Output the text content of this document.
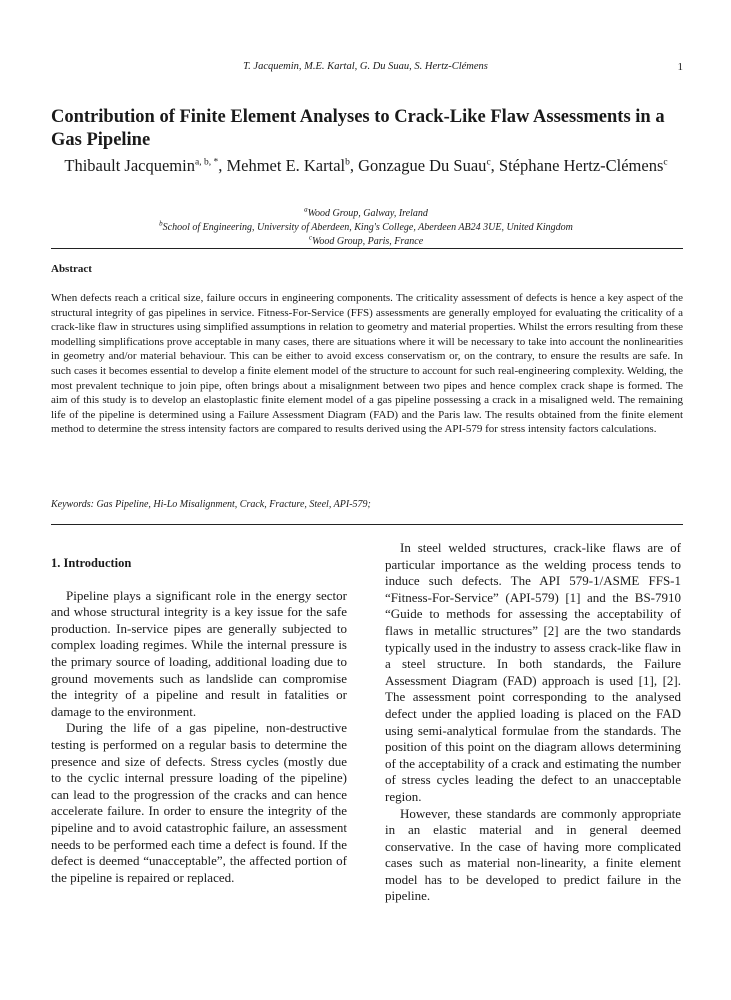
T. Jacquemin, M.E. Kartal, G. Du Suau, S. Hertz-Clémens	1
Contribution of Finite Element Analyses to Crack-Like Flaw Assessments in a Gas Pipeline
Thibault Jacquemin$^{a, b, *}$, Mehmet E. Kartal$^b$, Gonzague Du Suau$^c$, Stéphane Hertz-Clémens$^c$
$^a$Wood Group, Galway, Ireland
$^b$School of Engineering, University of Aberdeen, King's College, Aberdeen AB24 3UE, United Kingdom
$^c$Wood Group, Paris, France
Abstract
When defects reach a critical size, failure occurs in engineering components. The criticality assessment of defects is hence a key aspect of the structural integrity of gas pipelines in service. Fitness-For-Service (FFS) assessments are generally employed for evaluating the criticality of a crack-like flaw in structures using simplified assumptions in relation to geometry and material properties. Whilst the errors resulting from these modelling simplifications prove acceptable in many cases, there are situations where it will be necessary to take into account the nonlinearities in geometry and/or material behaviour. This can be either to avoid excess conservatism or, on the contrary, to ensure the results are safe. In such cases it becomes essential to develop a finite element model of the structure to account for such real-engineering complexity. Welding, the most prevalent technique to join pipe, often brings about a misalignment between two pipes and hence complex crack shape is formed. The aim of this study is to develop an elastoplastic finite element model of a gas pipeline possessing a crack in a misaligned weld. The remaining life of the pipeline is determined using a Failure Assessment Diagram (FAD) and the Paris law. The results obtained from the finite element method to determine the stress intensity factors are compared to results derived using the API-579 for stress intensity factors calculations.
Keywords: Gas Pipeline, Hi-Lo Misalignment, Crack, Fracture, Steel, API-579;
1. Introduction

Pipeline plays a significant role in the energy sector and whose structural integrity is a key issue for the safe production. In-service pipes are generally subjected to complex loading regimes. While the internal pressure is the primary source of loading, additional loading due to ground movements such as landslide can compromise the integrity of a pipeline and result in fatalities or damage to the environment.

During the life of a gas pipeline, non-destructive testing is performed on a regular basis to determine the presence and size of defects. Stress cycles (mostly due to the cyclic internal pressure loading of the pipeline) can lead to the progression of the cracks and can hence accelerate failure. In order to ensure the integrity of the pipeline and to avoid catastrophic failure, an assessment needs to be performed each time a defect is found. If the defect is deemed “unacceptable”, the affected portion of the pipeline is repaired or replaced.

In steel welded structures, crack-like flaws are of particular importance as the welding process tends to induce such defects. The API 579-1/ASME FFS-1 “Fitness-For-Service” (API-579) [1] and the BS-7910 “Guide to methods for assessing the acceptability of flaws in metallic structures” [2] are the two standards typically used in the industry to assess crack-like flaw in a steel structure. In both standards, the Failure Assessment Diagram (FAD) approach is used [1], [2]. The assessment point corresponding to the analysed defect under the applied loading is placed on the FAD using semi-analytical formulae from the standards. The position of this point on the diagram allows determining of the acceptability of a crack and estimating the number of stress cycles leading the defect to an unacceptable region.

However, these standards are commonly appropriate in an elastic material and in general deemed conservative. In the case of having more complicated cases such as material non-linearity, a finite element model has to be developed to predict failure in the pipeline.
